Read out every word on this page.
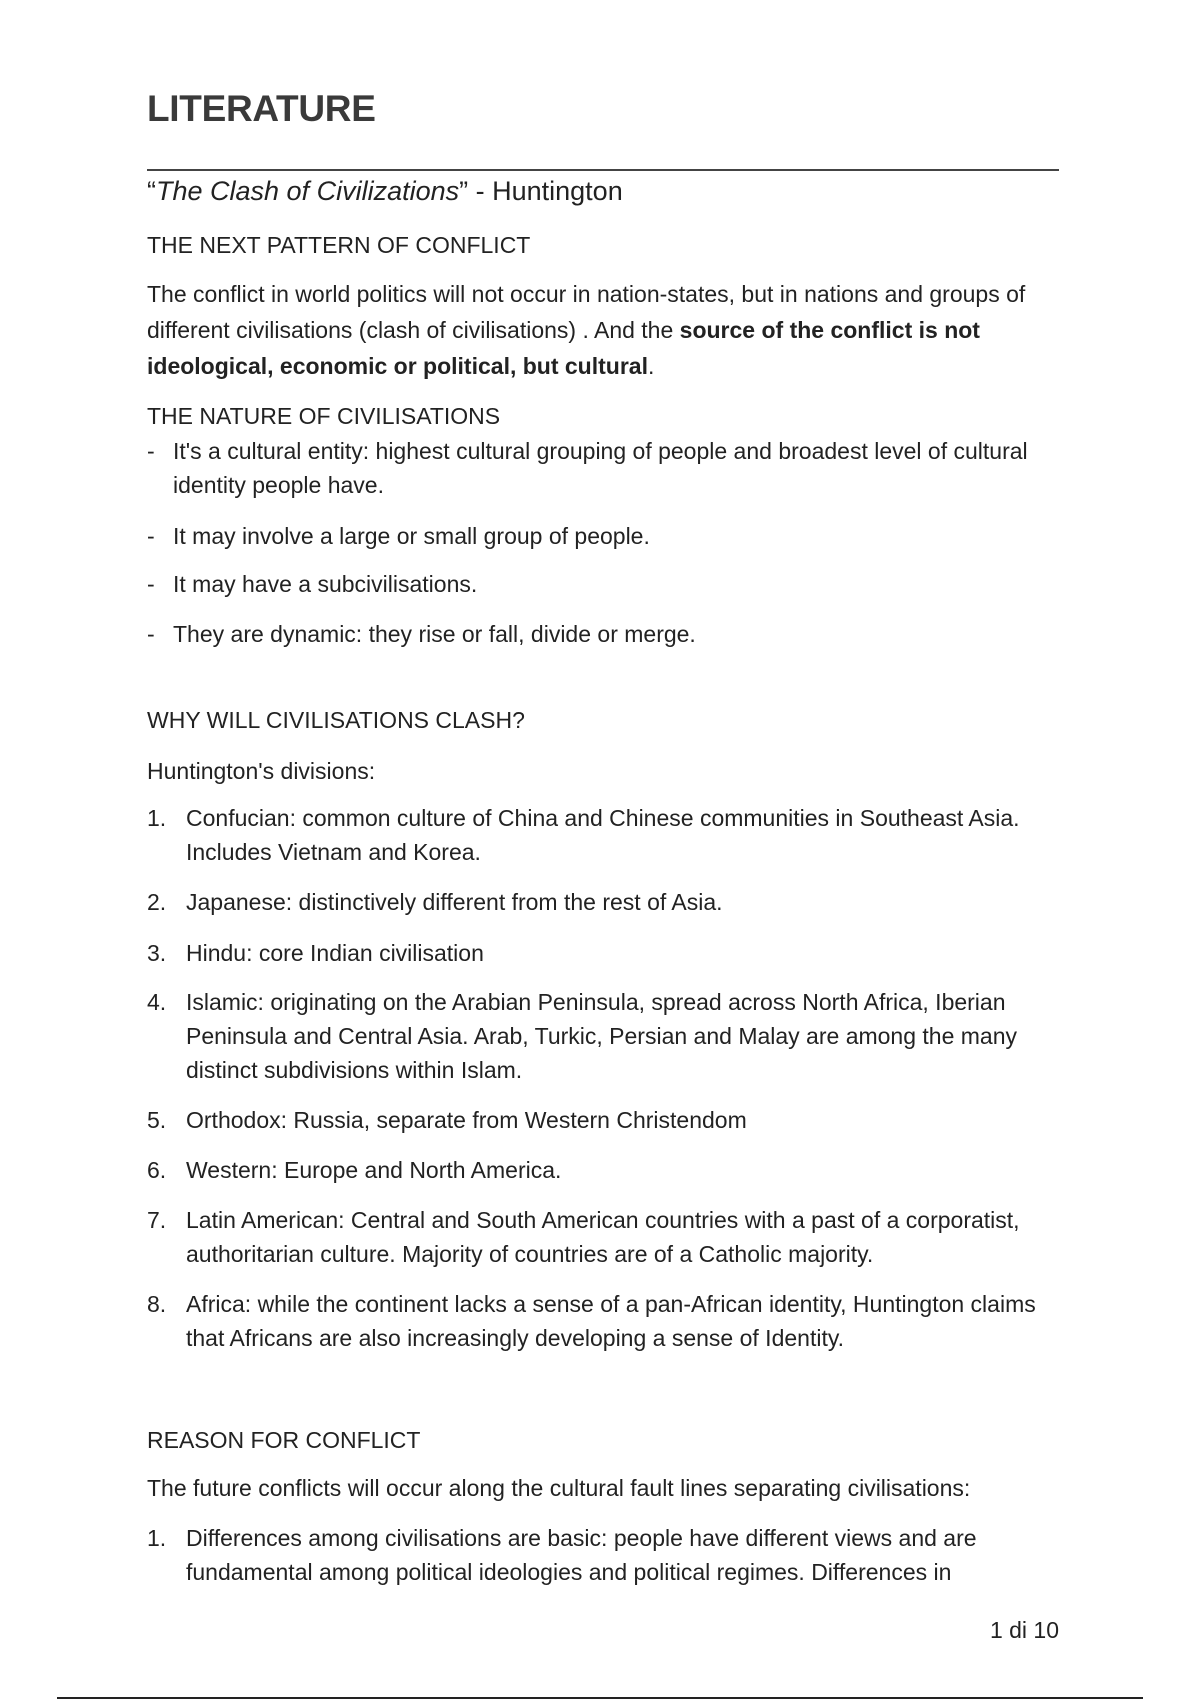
LITERATURE
“The Clash of Civilizations” - Huntington
THE NEXT PATTERN OF CONFLICT
The conflict in world politics will not occur in nation-states, but in nations and groups of different civilisations (clash of civilisations) . And the source of the conflict is not ideological, economic or political, but cultural.
THE NATURE OF CIVILISATIONS
- It's a cultural entity: highest cultural grouping of people and broadest level of cultural identity people have.
- It may involve a large or small group of people.
- It may have a subcivilisations.
- They are dynamic: they rise or fall, divide or merge.
WHY WILL CIVILISATIONS CLASH?
Huntington's divisions:
1. Confucian: common culture of China and Chinese communities in Southeast Asia. Includes Vietnam and Korea.
2. Japanese: distinctively different from the rest of Asia.
3. Hindu: core Indian civilisation
4. Islamic: originating on the Arabian Peninsula, spread across North Africa, Iberian Peninsula and Central Asia. Arab, Turkic, Persian and Malay are among the many distinct subdivisions within Islam.
5. Orthodox: Russia, separate from Western Christendom
6. Western: Europe and North America.
7. Latin American: Central and South American countries with a past of a corporatist, authoritarian culture. Majority of countries are of a Catholic majority.
8. Africa: while the continent lacks a sense of a pan-African identity, Huntington claims that Africans are also increasingly developing a sense of Identity.
REASON FOR CONFLICT
The future conflicts will occur along the cultural fault lines separating civilisations:
1. Differences among civilisations are basic: people have different views and are fundamental among political ideologies and political regimes. Differences in
1 di 10
